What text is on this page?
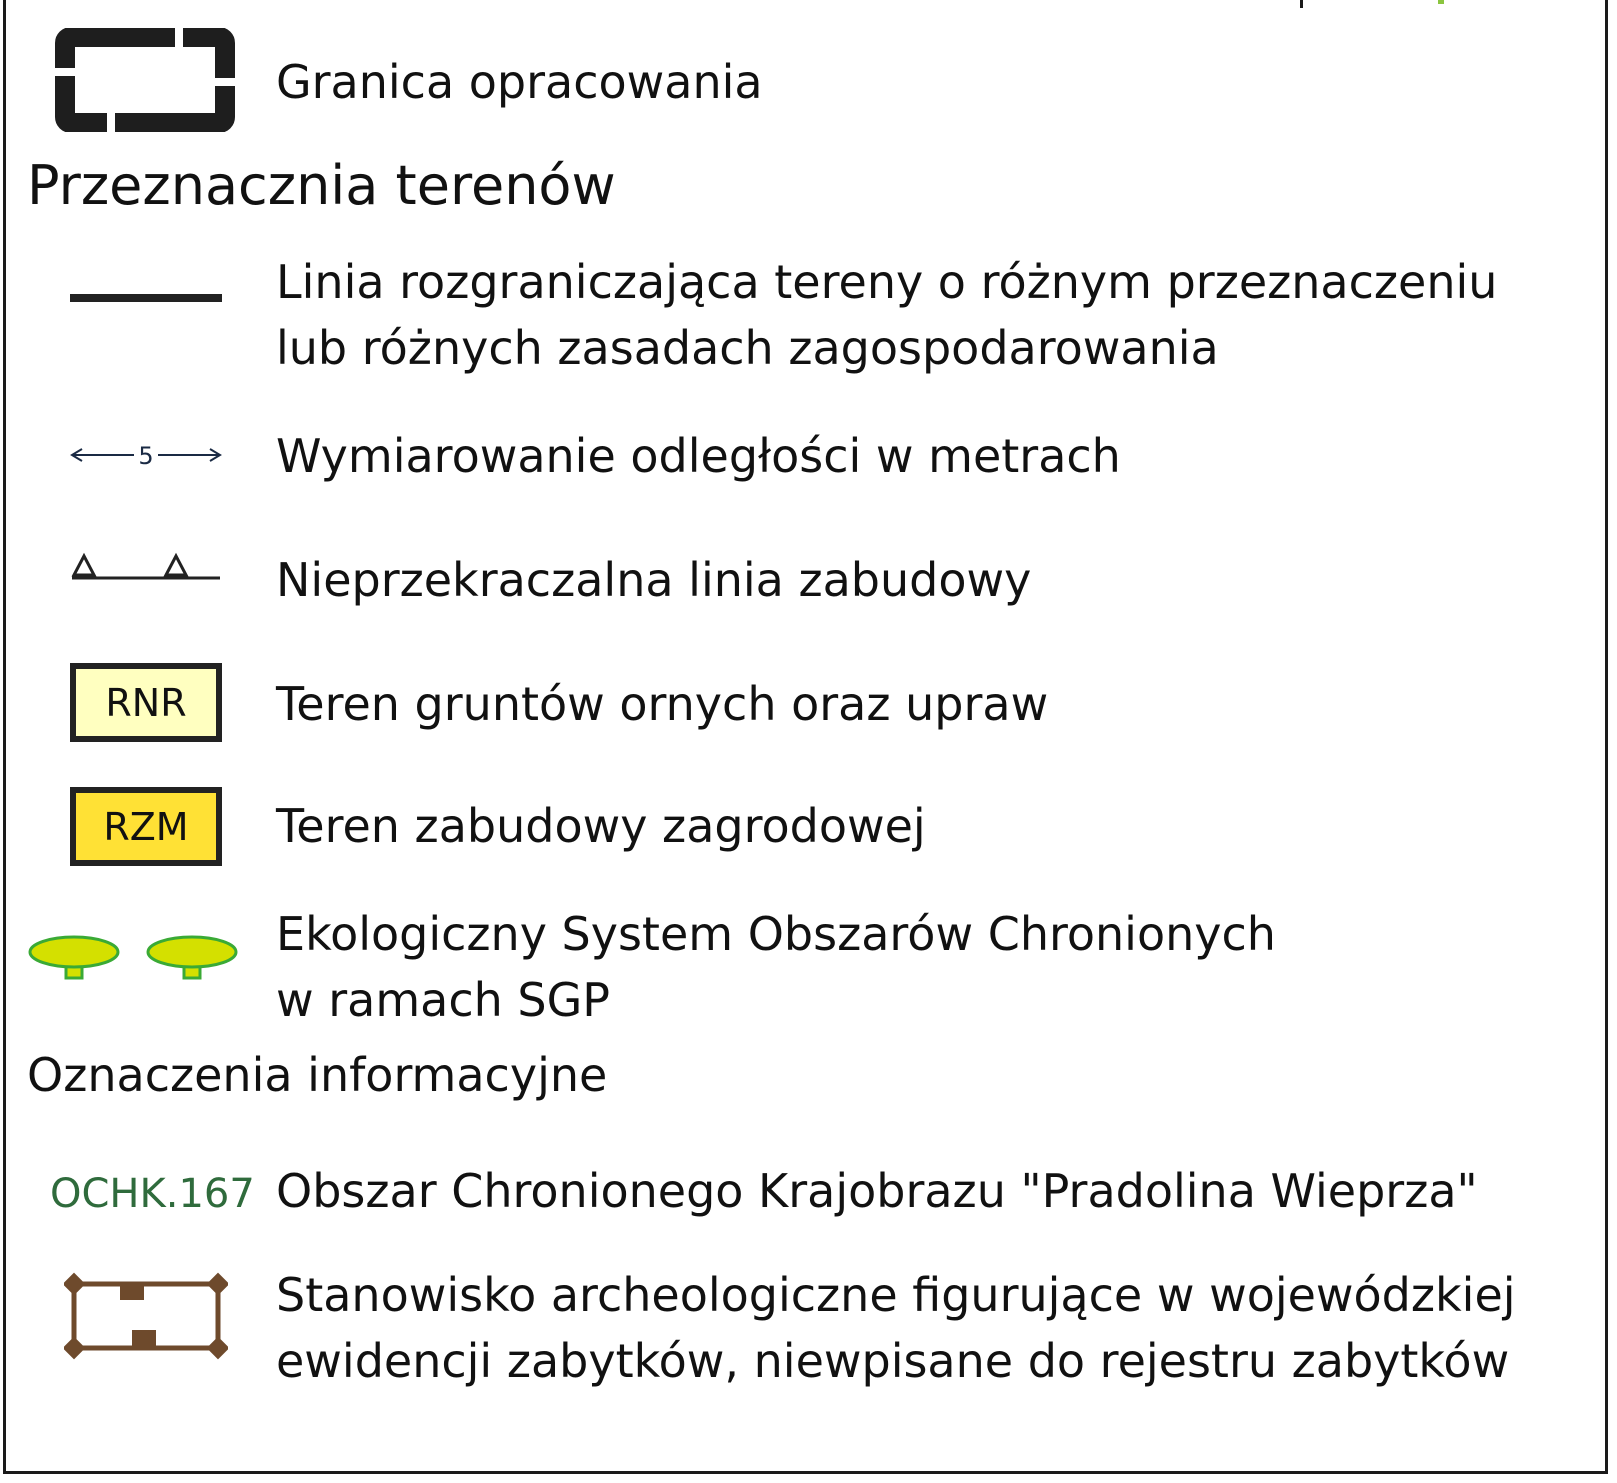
Granica opracowania
Przeznacznia terenów
Linia rozgraniczająca tereny o różnym przeznaczeniu
lub różnych zasadach zagospodarowania
5	Wymiarowanie odległości w metrach
Nieprzekraczalna linia zabudowy
RNR	Teren gruntów ornych oraz upraw
RZM	Teren zabudowy zagrodowej
Ekologiczny System Obszarów Chronionych
w ramach SGP
Oznaczenia informacyjne
OCHK.167 Obszar Chronionego Krajobrazu "Pradolina Wieprza"
Stanowisko archeologiczne figurujące w wojewódzkiej
ewidencji zabytków, niewpisane do rejestru zabytków
